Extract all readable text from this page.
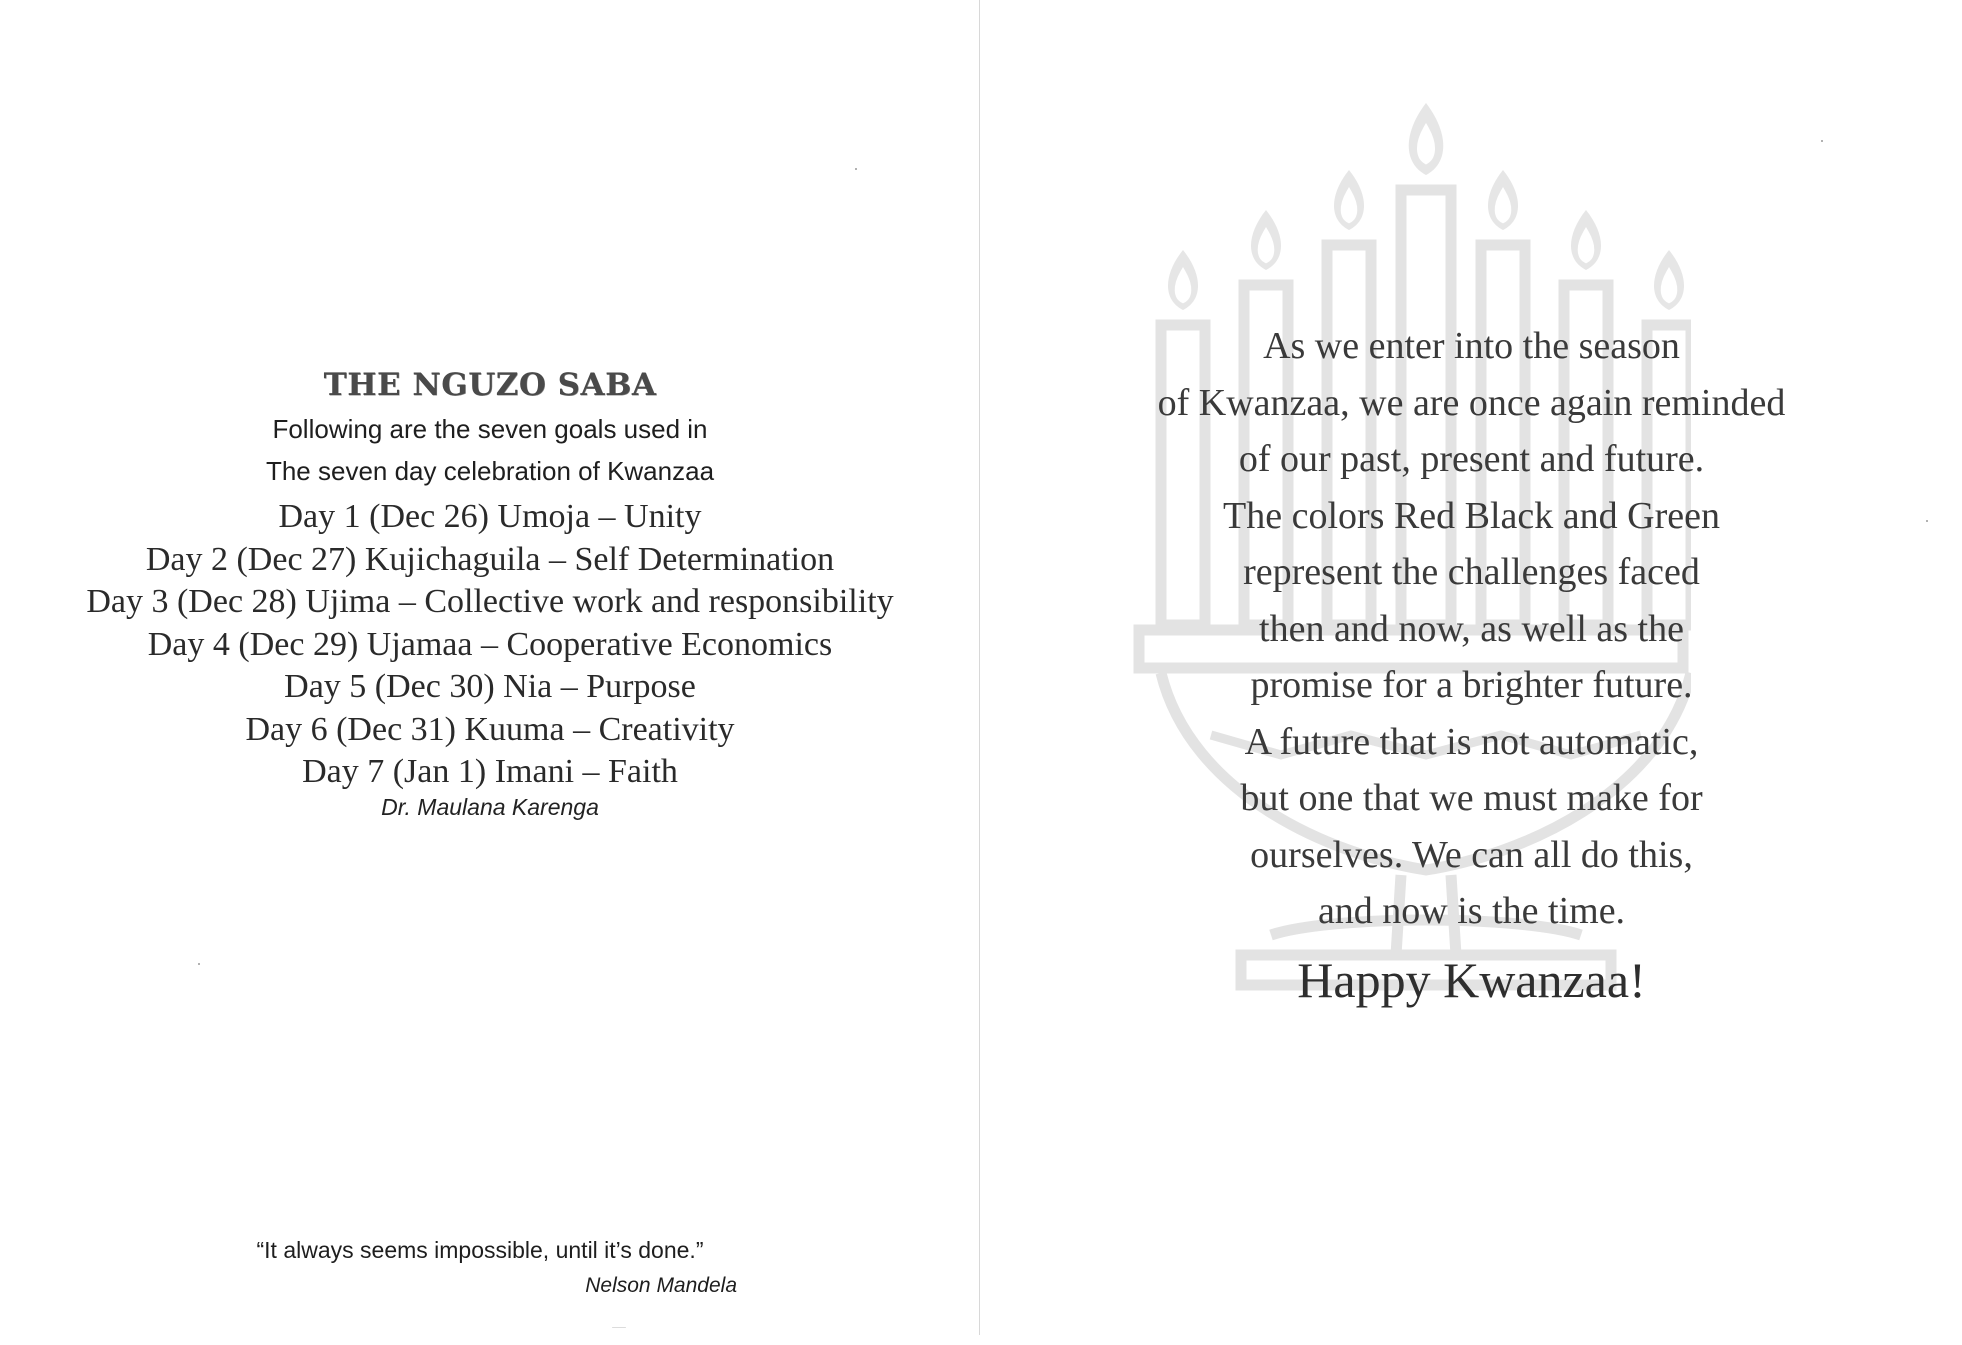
THE NGUZO SABA

Following are the seven goals used in

The seven day celebration of Kwanzaa

Day 1 (Dec 26) Umoja – Unity
Day 2 (Dec 27) Kujichaguila – Self Determination
Day 3 (Dec 28) Ujima – Collective work and responsibility
Day 4 (Dec 29) Ujamaa – Cooperative Economics
Day 5 (Dec 30) Nia – Purpose
Day 6 (Dec 31) Kuuma – Creativity
Day 7 (Jan 1) Imani – Faith

Dr. Maulana Karenga

“It always seems impossible, until it’s done.”

Nelson Mandela

As we enter into the season

of Kwanzaa, we are once again reminded

of our past, present and future.

The colors Red Black and Green

represent the challenges faced

then and now, as well as the

promise for a brighter future.

A future that is not automatic,

but one that we must make for

ourselves. We can all do this,

and now is the time.

Happy Kwanzaa!
